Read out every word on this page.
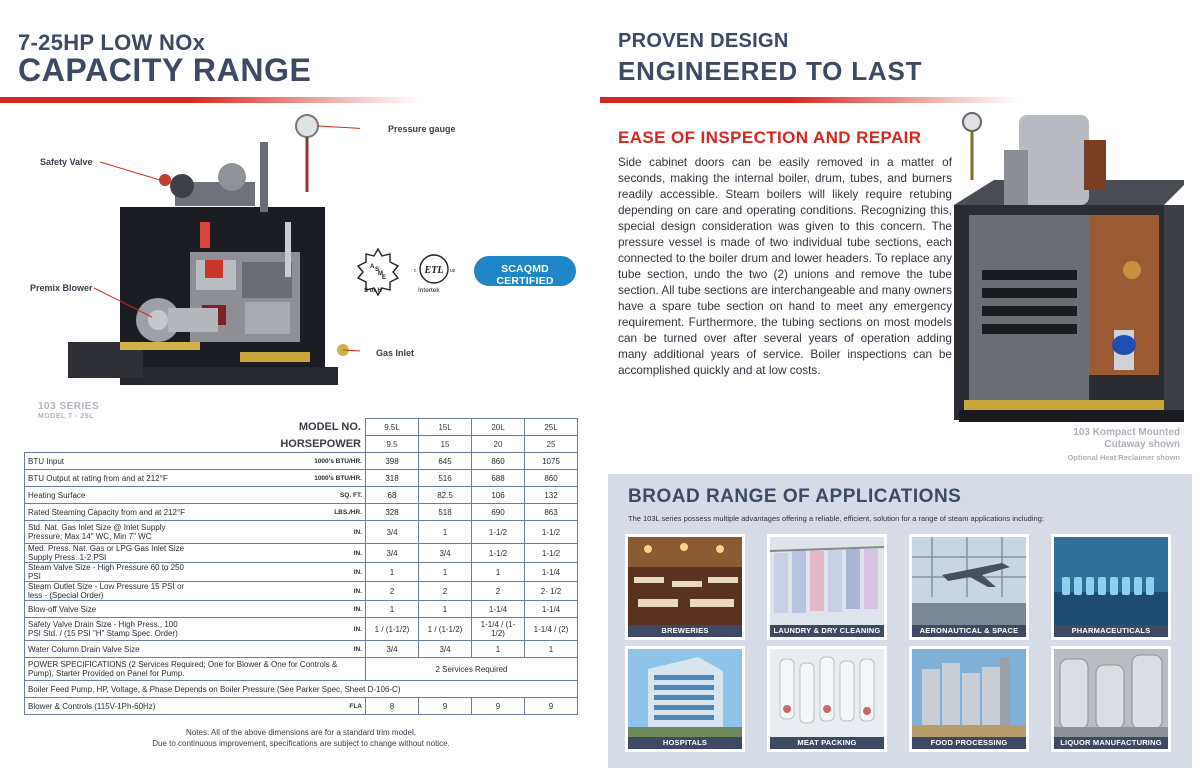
7-25HP LOW NOx
CAPACITY RANGE
Pressure gauge
Safety Valve
Premix Blower
Gas Inlet
103 SERIES
MODEL 7 - 25L
A S
M
E
S or H
ETL
c	us
Intertek
SCAQMD CERTIFIED
1146.2
MODEL NO.		9.5L	15L	20L	25L
HORSEPOWER		9.5	15	20	25
BTU Input	1000's BTU/HR.	398	645	860	1075
BTU Output at rating from and at 212°F	1000's BTU/HR.	318	516	688	860
Heating Surface	SQ. FT.	68	82.5	106	132
Rated Steaming Capacity from and at 212°F	LBS./HR.	328	518	690	863
Std. Nat. Gas Inlet Size @ Inlet Supply Pressure; Max 14" WC, Min 7" WC	IN.	3/4	1	1-1/2	1-1/2
Med. Press. Nat. Gas or LPG Gas Inlet Size Supply Press. 1-2 PSI	IN.	3/4	3/4	1-1/2	1-1/2
Steam Valve Size - High Pressure 60 to 250 PSI	IN.	1	1	1	1-1/4
Steam Outlet Size - Low Pressure 15 PSI or less - (Special Order)	IN.	2	2	2	2- 1/2
Blow-off Valve Size	IN.	1	1	1-1/4	1-1/4
Safety Valve Drain Size - High Press., 100 PSI Std. / (15 PSI "H" Stamp Spec. Order)	IN.	1 / (1-1/2)	1 / (1-1/2)	1-1/4 / (1-1/2)	1-1/4 / (2)
Water Column Drain Valve Size	IN.	3/4	3/4	1	1
POWER SPECIFICATIONS (2 Services Required; One for Blower & One for Controls & Pump), Starter Provided on Panel for Pump.		2 Services Required			
Boiler Feed Pump, HP, Voltage, & Phase Depends on Boiler Pressure (See Parker Spec, Sheet D-106-C)					
Blower & Controls (115V-1Ph-60Hz)	FLA	8	9	9	9
Notes: All of the above dimensions are for a standard trim model.
Due to continuous improvement, specifications are subject to change without notice.
PROVEN DESIGN
ENGINEERED TO LAST
EASE OF INSPECTION AND REPAIR
Side cabinet doors can be easily removed in a matter of seconds, making the internal boiler, drum, tubes, and burners readily accessible. Steam boilers will likely require retubing depending on care and operating conditions. Recognizing this, special design consideration was given to this concern. The pressure vessel is made of two individual tube sections, each connected to the boiler drum and lower headers. To replace any tube section, undo the two (2) unions and remove the tube section. All tube sections are interchangeable and many owners have a spare tube section on hand to meet any emergency requirement. Furthermore, the tubing sections on most models can be turned over after several years of operation adding many additional years of service. Boiler inspections can be accomplished quickly and at low costs.
103 Kompact Mounted
Cutaway shown
Optional Heat Reclaimer shown
BROAD RANGE OF APPLICATIONS
The 103L series possess multiple advantages offering a reliable, efficient, solution for a range of steam applications including:
BREWERIES	LAUNDRY & DRY CLEANING	AERONAUTICAL & SPACE	PHARMACEUTICALS
HOSPITALS	MEAT PACKING	FOOD PROCESSING	LIQUOR MANUFACTURING
